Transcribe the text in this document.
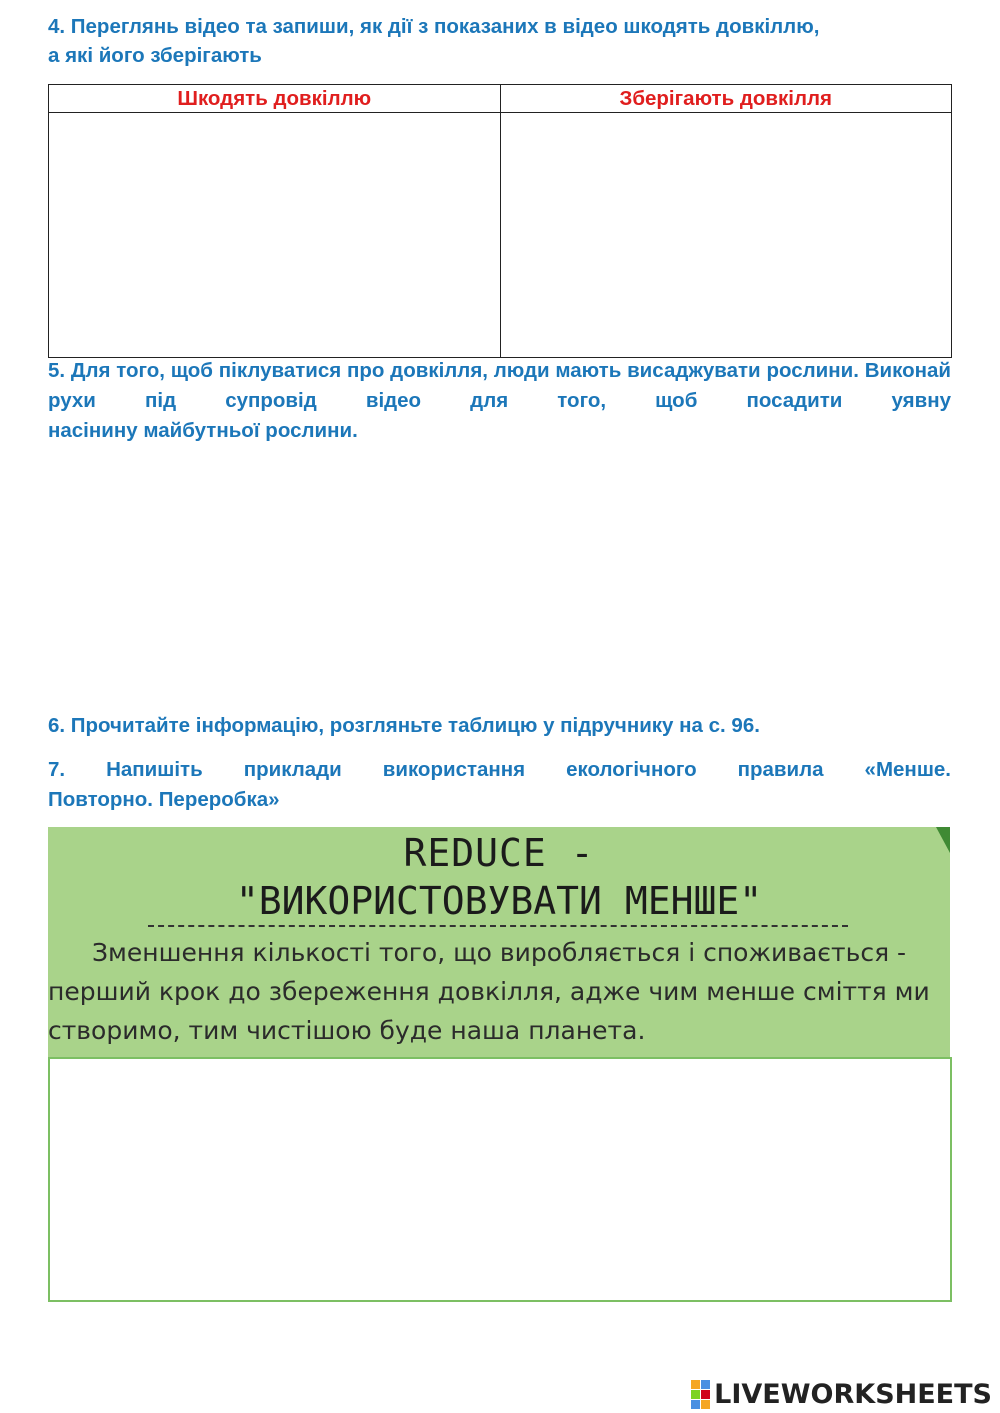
4. Переглянь відео та запиши, як дії з показаних в відео шкодять довкіллю,
а які його зберігають

Шкодять довкіллю	Зберігають довкілля

5. Для того, щоб піклуватися про довкілля, люди мають висаджувати рослини. Виконай рухи під супровід відео для того, щоб посадити уявну
насінину майбутньої рослини.

6. Прочитайте інформацію, розгляньте таблицю у підручнику на с. 96.

7. Напишіть приклади використання екологічного правила «Менше.
Повторно. Переробка»

REDUCE -
"ВИКОРИСТОВУВАТИ МЕНШЕ"

Зменшення кількості того, що виробляється і споживається -
перший крок до збереження довкілля, адже чим менше сміття ми
створимо, тим чистішою буде наша планета.

LIVEWORKSHEETS
